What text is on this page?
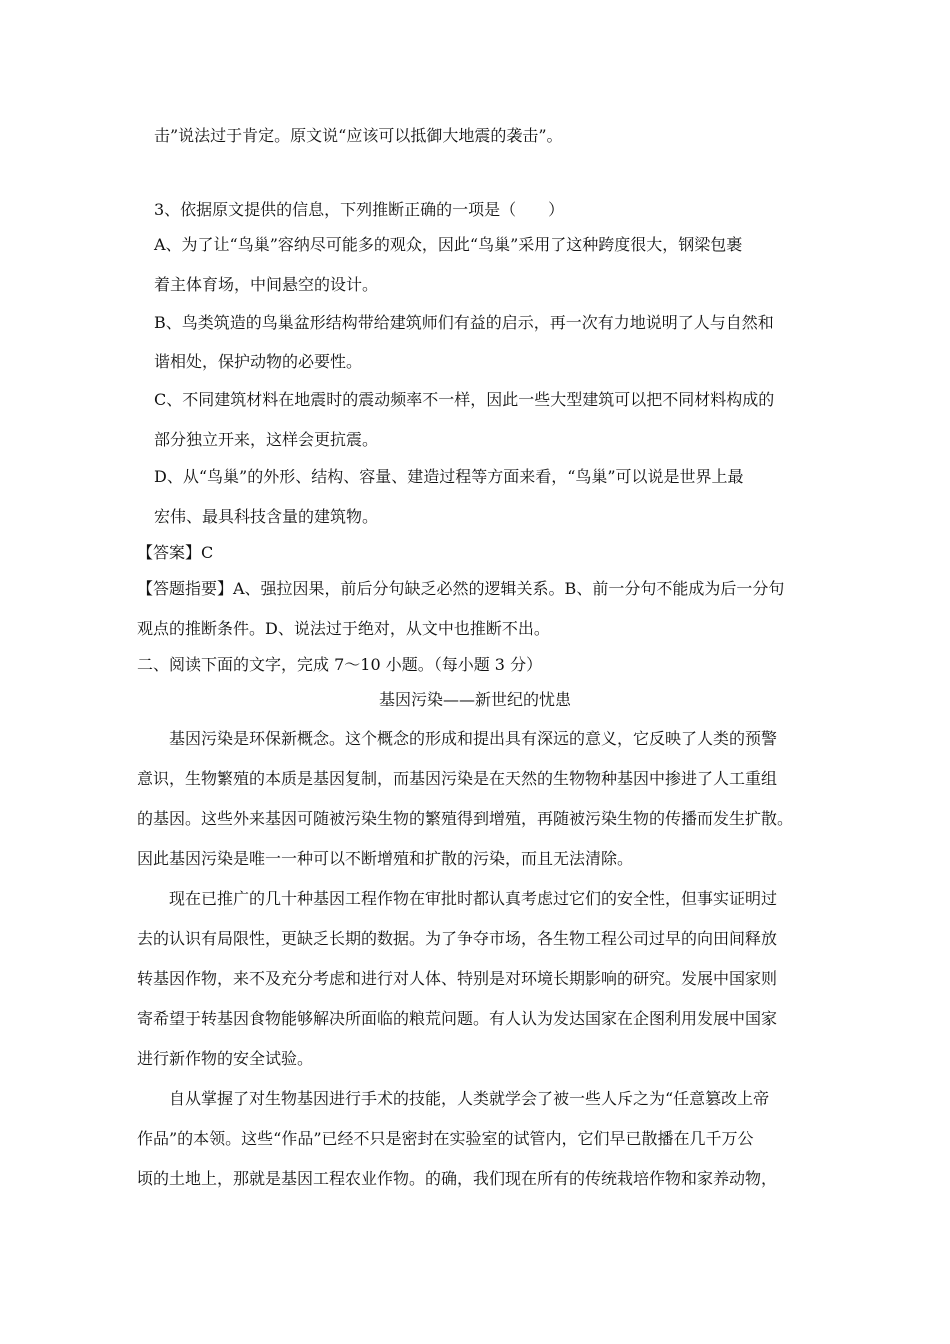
击”说法过于肯定。原文说“应该可以抵御大地震的袭击”。
3、依据原文提供的信息，下列推断正确的一项是（　　）
A、为了让“鸟巢”容纳尽可能多的观众，因此“鸟巢”采用了这种跨度很大，钢梁包裹
着主体育场，中间悬空的设计。
B、鸟类筑造的鸟巢盆形结构带给建筑师们有益的启示，再一次有力地说明了人与自然和
谐相处，保护动物的必要性。
C、不同建筑材料在地震时的震动频率不一样，因此一些大型建筑可以把不同材料构成的
部分独立开来，这样会更抗震。
D、从“鸟巢”的外形、结构、容量、建造过程等方面来看，“鸟巢”可以说是世界上最
宏伟、最具科技含量的建筑物。
【答案】C
【答题指要】A、强拉因果，前后分句缺乏必然的逻辑关系。B、前一分句不能成为后一分句
观点的推断条件。D、说法过于绝对，从文中也推断不出。
二、阅读下面的文字，完成 7～10 小题。（每小题 3 分）
基因污染——新世纪的忧患
基因污染是环保新概念。这个概念的形成和提出具有深远的意义，它反映了人类的预警
意识，生物繁殖的本质是基因复制，而基因污染是在天然的生物物种基因中掺进了人工重组
的基因。这些外来基因可随被污染生物的繁殖得到增殖，再随被污染生物的传播而发生扩散。
因此基因污染是唯一一种可以不断增殖和扩散的污染，而且无法清除。
现在已推广的几十种基因工程作物在审批时都认真考虑过它们的安全性，但事实证明过
去的认识有局限性，更缺乏长期的数据。为了争夺市场，各生物工程公司过早的向田间释放
转基因作物，来不及充分考虑和进行对人体、特别是对环境长期影响的研究。发展中国家则
寄希望于转基因食物能够解决所面临的粮荒问题。有人认为发达国家在企图利用发展中国家
进行新作物的安全试验。
自从掌握了对生物基因进行手术的技能，人类就学会了被一些人斥之为“任意篡改上帝
作品”的本领。这些“作品”已经不只是密封在实验室的试管内，它们早已散播在几千万公
顷的土地上，那就是基因工程农业作物。的确，我们现在所有的传统栽培作物和家养动物，
